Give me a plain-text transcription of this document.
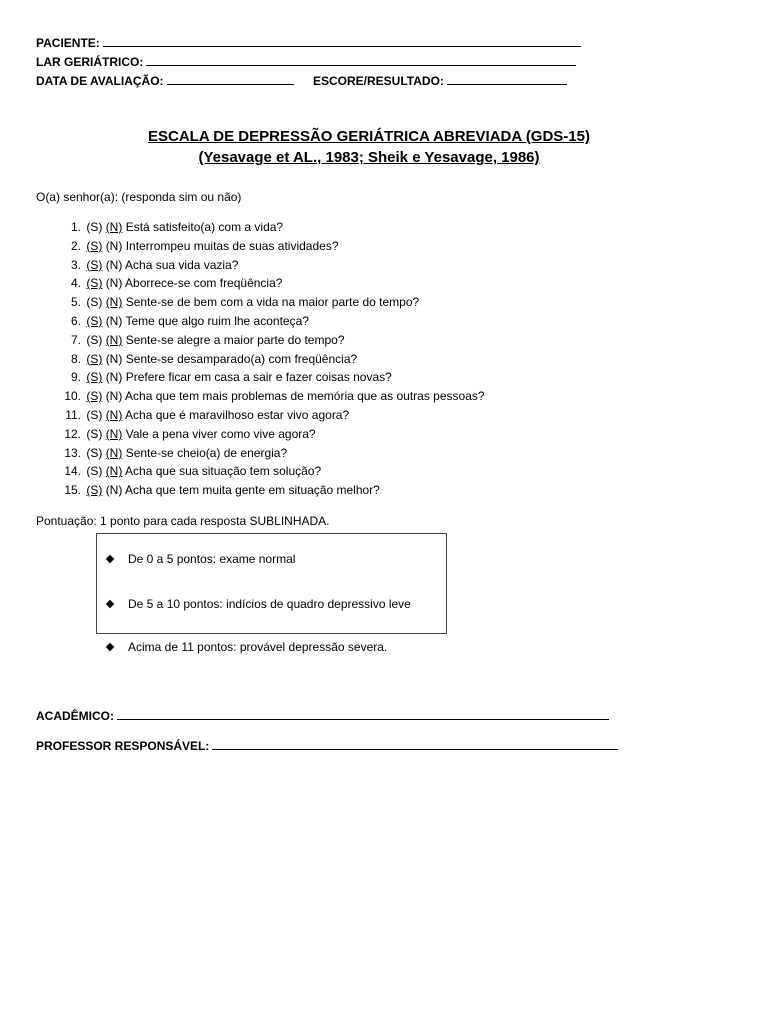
PACIENTE:
LAR GERIÁTRICO:
DATA DE AVALIAÇÃO:	ESCORE/RESULTADO:
ESCALA DE DEPRESSÃO GERIÁTRICA ABREVIADA (GDS-15)
(Yesavage et AL., 1983; Sheik e Yesavage, 1986)
O(a) senhor(a): (responda sim ou não)
1. (S) (N) Está satisfeito(a) com a vida?
2. (S) (N) Interrompeu muitas de suas atividades?
3. (S) (N) Acha sua vida vazia?
4. (S) (N) Aborrece-se com freqüência?
5. (S) (N) Sente-se de bem com a vida na maior parte do tempo?
6. (S) (N) Teme que algo ruim lhe aconteça?
7. (S) (N) Sente-se alegre a maior parte do tempo?
8. (S) (N) Sente-se desamparado(a) com freqüência?
9. (S) (N) Prefere ficar em casa a sair e fazer coisas novas?
10. (S) (N) Acha que tem mais problemas de memória que as outras pessoas?
11. (S) (N) Acha que é maravilhoso estar vivo agora?
12. (S) (N) Vale a pena viver como vive agora?
13. (S) (N) Sente-se cheio(a) de energia?
14. (S) (N) Acha que sua situação tem solução?
15. (S) (N) Acha que tem muita gente em situação melhor?
Pontuação: 1 ponto para cada resposta SUBLINHADA.
De 0 a 5 pontos: exame normal
De 5 a 10 pontos: indícios de quadro depressivo leve
Acima de 11 pontos: provável depressão severa.
ACADÊMICO:
PROFESSOR RESPONSÁVEL:
